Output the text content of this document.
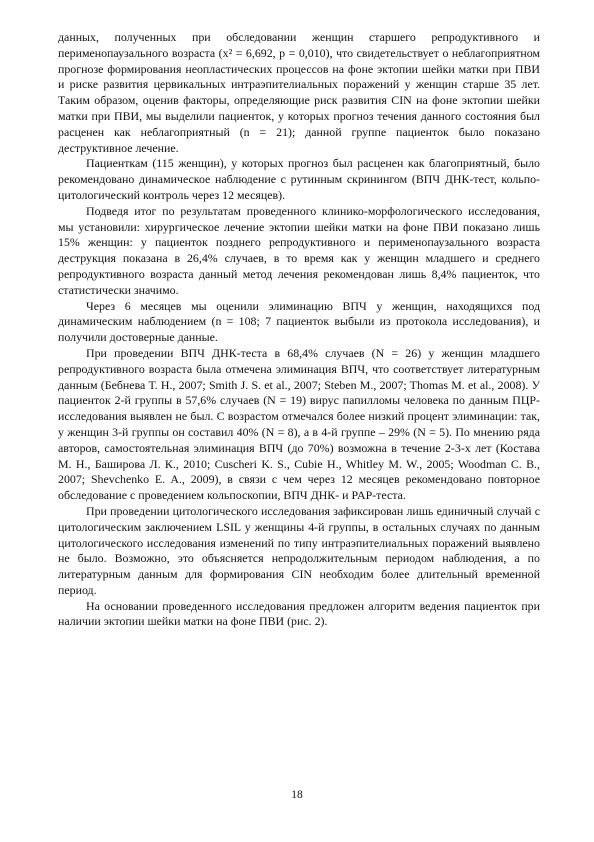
данных, полученных при обследовании женщин старшего репродуктивного и перименопаузального возраста (x² = 6,692, p = 0,010), что свидетельствует о неблагоприятном прогнозе формирования неопластических процессов на фоне эктопии шейки матки при ПВИ и риске развития цервикальных интраэпителиальных поражений у женщин старше 35 лет. Таким образом, оценив факторы, определяющие риск развития CIN на фоне эктопии шейки матки при ПВИ, мы выделили пациенток, у которых прогноз течения данного состояния был расценен как неблагоприятный (n = 21); данной группе пациенток было показано деструктивное лечение.

Пациенткам (115 женщин), у которых прогноз был расценен как благоприятный, было рекомендовано динамическое наблюдение с рутинным скринингом (ВПЧ ДНК-тест, кольпо-цитологический контроль через 12 месяцев).

Подведя итог по результатам проведенного клинико-морфологического исследования, мы установили: хирургическое лечение эктопии шейки матки на фоне ПВИ показано лишь 15% женщин: у пациенток позднего репродуктивного и перименопаузального возраста деструкция показана в 26,4% случаев, в то время как у женщин младшего и среднего репродуктивного возраста данный метод лечения рекомендован лишь 8,4% пациенток, что статистически значимо.

Через 6 месяцев мы оценили элиминацию ВПЧ у женщин, находящихся под динамическим наблюдением (n = 108; 7 пациенток выбыли из протокола исследования), и получили достоверные данные.

При проведении ВПЧ ДНК-теста в 68,4% случаев (N = 26) у женщин младшего репродуктивного возраста была отмечена элиминация ВПЧ, что соответствует литературным данным (Бебнева Т. Н., 2007; Smith J. S. et al., 2007; Steben M., 2007; Thomas M. et al., 2008). У пациенток 2-й группы в 57,6% случаев (N = 19) вирус папилломы человека по данным ПЦР-исследования выявлен не был. С возрастом отмечался более низкий процент элиминации: так, у женщин 3-й группы он составил 40% (N = 8), а в 4-й группе – 29% (N = 5). По мнению ряда авторов, самостоятельная элиминация ВПЧ (до 70%) возможна в течение 2-3-х лет (Костава М. Н., Баширова Л. К., 2010; Cuscheri K. S., Cubie H., Whitley M. W., 2005; Woodman C. B., 2007; Shevchenko E. A., 2009), в связи с чем через 12 месяцев рекомендовано повторное обследование с проведением кольпоскопии, ВПЧ ДНК- и PAP-теста.

При проведении цитологического исследования зафиксирован лишь единичный случай с цитологическим заключением LSIL у женщины 4-й группы, в остальных случаях по данным цитологического исследования изменений по типу интраэпителиальных поражений выявлено не было. Возможно, это объясняется непродолжительным периодом наблюдения, а по литературным данным для формирования CIN необходим более длительный временной период.

На основании проведенного исследования предложен алгоритм ведения пациенток при наличии эктопии шейки матки на фоне ПВИ (рис. 2).

18
